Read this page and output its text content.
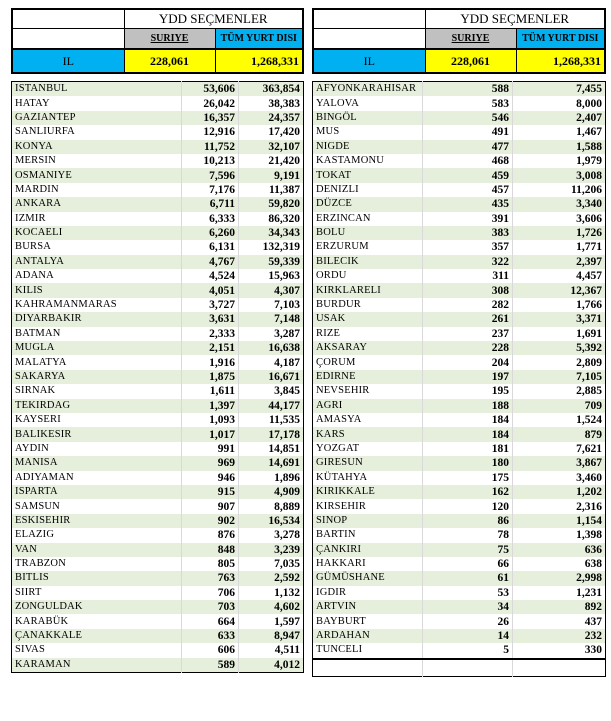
	YDD SEÇMENLER	
	SURIYE	TÜM YURT DISI
IL	228,061	1,268,331
ISTANBUL	53,606	363,854
HATAY	26,042	38,383
GAZIANTEP	16,357	24,357
SANLIURFA	12,916	17,420
KONYA	11,752	32,107
MERSIN	10,213	21,420
OSMANIYE	7,596	9,191
MARDIN	7,176	11,387
ANKARA	6,711	59,820
IZMIR	6,333	86,320
KOCAELI	6,260	34,343
BURSA	6,131	132,319
ANTALYA	4,767	59,339
ADANA	4,524	15,963
KILIS	4,051	4,307
KAHRAMANMARAS	3,727	7,103
DIYARBAKIR	3,631	7,148
BATMAN	2,333	3,287
MUGLA	2,151	16,638
MALATYA	1,916	4,187
SAKARYA	1,875	16,671
SIRNAK	1,611	3,845
TEKIRDAG	1,397	44,177
KAYSERI	1,093	11,535
BALIKESIR	1,017	17,178
AYDIN	991	14,851
MANISA	969	14,691
ADIYAMAN	946	1,896
ISPARTA	915	4,909
SAMSUN	907	8,889
ESKISEHIR	902	16,534
ELAZIG	876	3,278
VAN	848	3,239
TRABZON	805	7,035
BITLIS	763	2,592
SIIRT	706	1,132
ZONGULDAK	703	4,602
KARABÜK	664	1,597
ÇANAKKALE	633	8,947
SIVAS	606	4,511
KARAMAN	589	4,012
	YDD SEÇMENLER	
	SURIYE	TÜM YURT DISI
IL	228,061	1,268,331
AFYONKARAHISAR	588	7,455
YALOVA	583	8,000
BINGÖL	546	2,407
MUS	491	1,467
NIGDE	477	1,588
KASTAMONU	468	1,979
TOKAT	459	3,008
DENIZLI	457	11,206
DÜZCE	435	3,340
ERZINCAN	391	3,606
BOLU	383	1,726
ERZURUM	357	1,771
BILECIK	322	2,397
ORDU	311	4,457
KIRKLARELI	308	12,367
BURDUR	282	1,766
USAK	261	3,371
RIZE	237	1,691
AKSARAY	228	5,392
ÇORUM	204	2,809
EDIRNE	197	7,105
NEVSEHIR	195	2,885
AGRI	188	709
AMASYA	184	1,524
KARS	184	879
YOZGAT	181	7,621
GIRESUN	180	3,867
KÜTAHYA	175	3,460
KIRIKKALE	162	1,202
KIRSEHIR	120	2,316
SINOP	86	1,154
BARTIN	78	1,398
ÇANKIRI	75	636
HAKKARI	66	638
GÜMÜSHANE	61	2,998
IGDIR	53	1,231
ARTVIN	34	892
BAYBURT	26	437
ARDAHAN	14	232
TUNCELI	5	330
